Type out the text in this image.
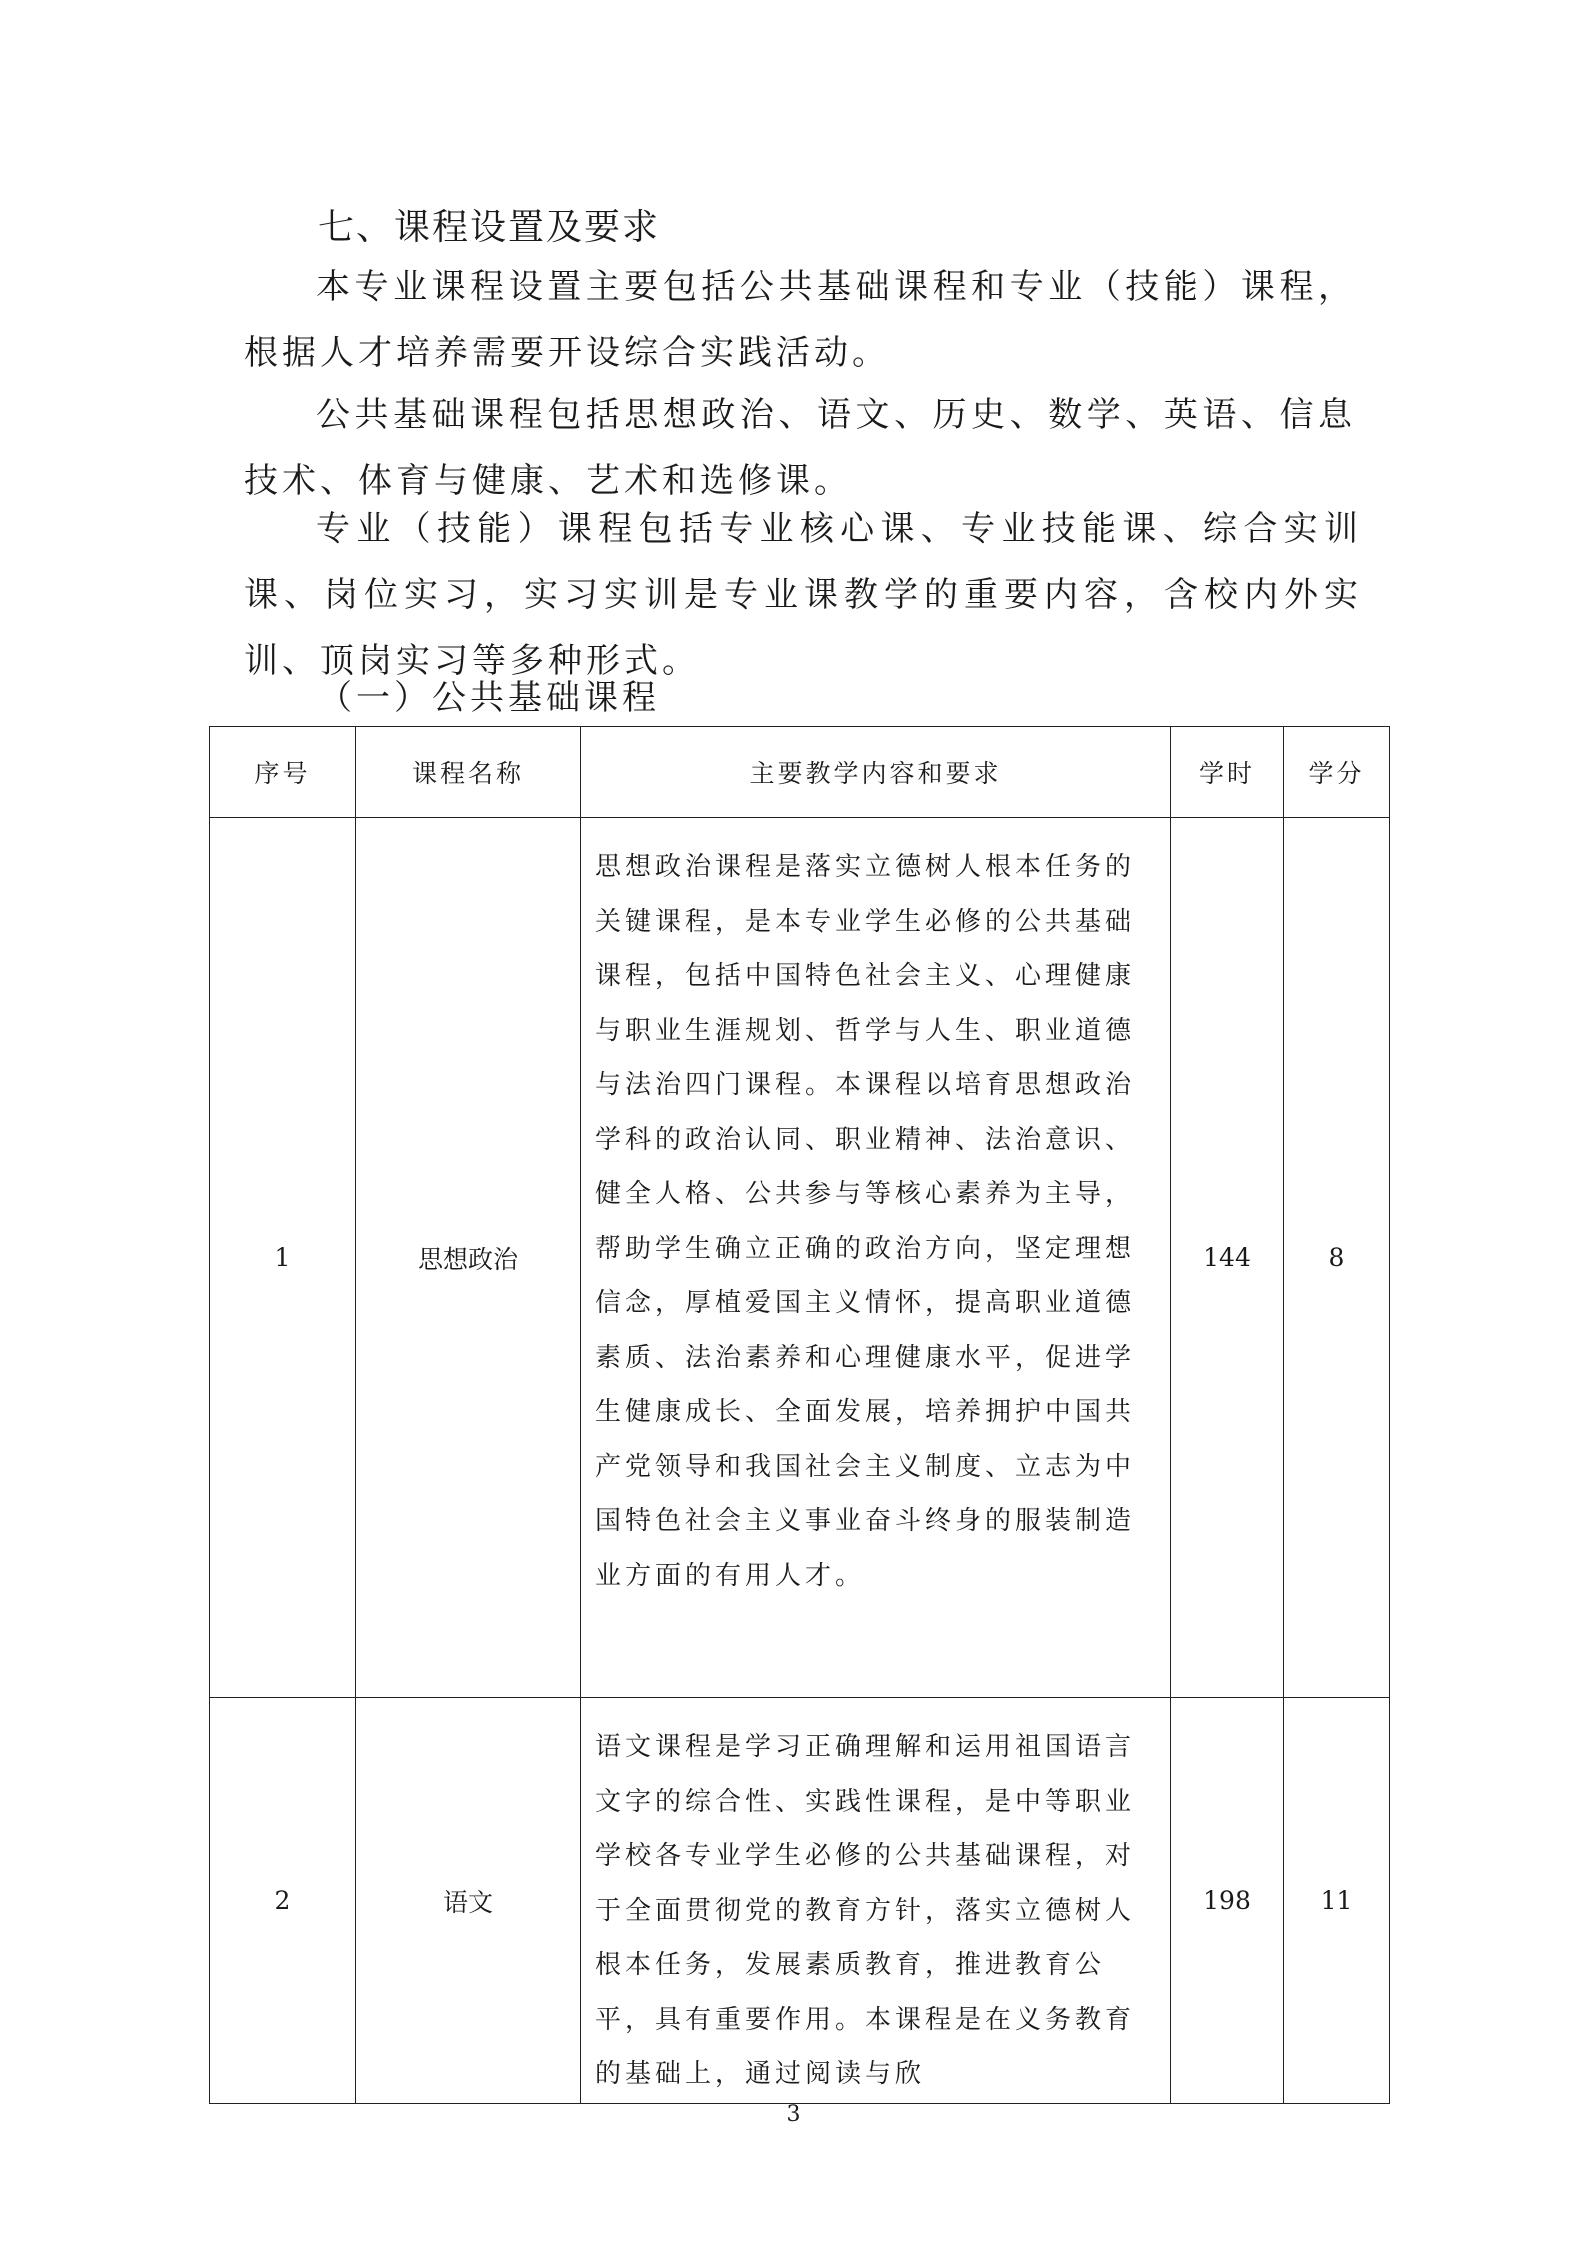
七、课程设置及要求
本专业课程设置主要包括公共基础课程和专业（技能）课程，根据人才培养需要开设综合实践活动。
公共基础课程包括思想政治、语文、历史、数学、英语、信息技术、体育与健康、艺术和选修课。
专业（技能）课程包括专业核心课、专业技能课、综合实训课、岗位实习，实习实训是专业课教学的重要内容，含校内外实训、顶岗实习等多种形式。
（一）公共基础课程
序号	课程名称	主要教学内容和要求	学时	学分
1	思想政治	思想政治课程是落实立德树人根本任务的关键课程，是本专业学生必修的公共基础课程，包括中国特色社会主义、心理健康与职业生涯规划、哲学与人生、职业道德与法治四门课程。本课程以培育思想政治学科的政治认同、职业精神、法治意识、健全人格、公共参与等核心素养为主导，帮助学生确立正确的政治方向，坚定理想信念，厚植爱国主义情怀，提高职业道德素质、法治素养和心理健康水平，促进学生健康成长、全面发展，培养拥护中国共产党领导和我国社会主义制度、立志为中国特色社会主义事业奋斗终身的服装制造业方面的有用人才。	144	8
2	语文	语文课程是学习正确理解和运用祖国语言文字的综合性、实践性课程，是中等职业学校各专业学生必修的公共基础课程，对于全面贯彻党的教育方针，落实立德树人根本任务，发展素质教育，推进教育公平，具有重要作用。本课程是在义务教育的基础上，通过阅读与欣	198	11
3
